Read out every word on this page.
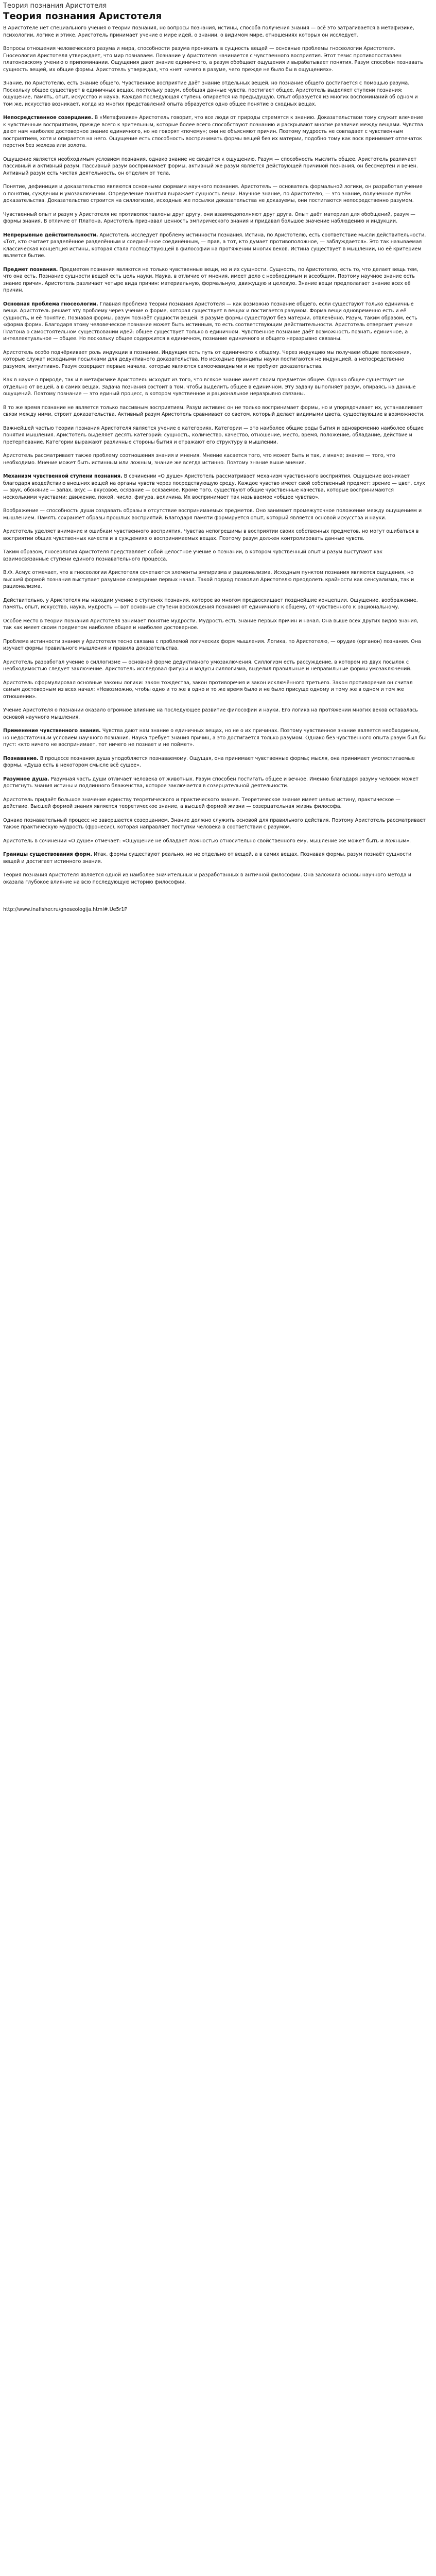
Теория познания Аристотеля
Теория познания Аристотеля

В Аристотеле нет специального учения о теории познания, но вопросы познания, истины, способа получения знания — всё это затрагивается в метафизике, психологии, логике и этике. Аристотель принимает учение о мире идей, о знании, о видимом мире, отношениях которых он исследует.

Вопросы отношения человеческого разума и мира, способности разума проникать в сущность вещей — основные проблемы гносеологии Аристотеля. Гносеология Аристотеля утверждает, что мир познаваем. Познание у Аристотеля начинается с чувственного восприятия. Этот тезис противопоставлен платоновскому учению о припоминании. Ощущения дают знание единичного, а разум обобщает ощущения и вырабатывает понятия. Разум способен познавать сущность вещей, их общие формы. Аристотель утверждал, что «нет ничего в разуме, чего прежде не было бы в ощущениях».

Знание, по Аристотелю, есть знание общего. Чувственное восприятие даёт знание отдельных вещей, но познание общего достигается с помощью разума. Поскольку общее существует в единичных вещах, постольку разум, обобщая данные чувств, постигает общее. Аристотель выделяет ступени познания: ощущение, память, опыт, искусство и наука. Каждая последующая ступень опирается на предыдущую. Опыт образуется из многих воспоминаний об одном и том же, искусство возникает, когда из многих представлений опыта образуется одно общее понятие о сходных вещах.

Непосредственное созерцание. В «Метафизике» Аристотель говорит, что все люди от природы стремятся к знанию. Доказательством тому служит влечение к чувственным восприятиям, прежде всего к зрительным, которые более всего способствуют познанию и раскрывают многие различия между вещами. Чувства дают нам наиболее достоверное знание единичного, но не говорят «почему»; они не объясняют причин. Поэтому мудрость не совпадает с чувственным восприятием, хотя и опирается на него. Ощущение есть способность воспринимать формы вещей без их материи, подобно тому как воск принимает отпечаток перстня без железа или золота.

Ощущение является необходимым условием познания, однако знание не сводится к ощущению. Разум — способность мыслить общее. Аристотель различает пассивный и активный разум. Пассивный разум воспринимает формы, активный же разум является действующей причиной познания, он бессмертен и вечен. Активный разум есть чистая деятельность, он отделим от тела.

Понятие, дефиниция и доказательство являются основными формами научного познания. Аристотель — основатель формальной логики, он разработал учение о понятии, суждении и умозаключении. Определение понятия выражает сущность вещи. Научное знание, по Аристотелю, — это знание, полученное путём доказательства. Доказательство строится на силлогизме, исходные же посылки доказательства не доказуемы, они постигаются непосредственно разумом.

Чувственный опыт и разум у Аристотеля не противопоставлены друг другу, они взаимодополняют друг друга. Опыт даёт материал для обобщений, разум — формы знания. В отличие от Платона, Аристотель признавал ценность эмпирического знания и придавал большое значение наблюдению и индукции.

Непрерывные действительности. Аристотель исследует проблему истинности познания. Истина, по Аристотелю, есть соответствие мысли действительности. «Тот, кто считает разделённое разделённым и соединённое соединённым, — прав, а тот, кто думает противоположное, — заблуждается». Это так называемая классическая концепция истины, которая стала господствующей в философии на протяжении многих веков. Истина существует в мышлении, но её критерием является бытие.

Предмет познания. Предметом познания являются не только чувственные вещи, но и их сущности. Сущность, по Аристотелю, есть то, что делает вещь тем, что она есть. Познание сущности вещей есть цель науки. Наука, в отличие от мнения, имеет дело с необходимым и всеобщим. Поэтому научное знание есть знание причин. Аристотель различает четыре вида причин: материальную, формальную, движущую и целевую. Знание вещи предполагает знание всех её причин.

Основная проблема гносеологии. Главная проблема теории познания Аристотеля — как возможно познание общего, если существуют только единичные вещи. Аристотель решает эту проблему через учение о форме, которая существует в вещах и постигается разумом. Форма вещи одновременно есть и её сущность, и её понятие. Познавая формы, разум познаёт сущности вещей. В разуме формы существуют без материи, отвлечённо. Разум, таким образом, есть «форма форм». Благодаря этому человеческое познание может быть истинным, то есть соответствующим действительности. Аристотель отвергает учение Платона о самостоятельном существовании идей: общее существует только в единичном. Чувственное познание даёт возможность познать единичное, а интеллектуальное — общее. Но поскольку общее содержится в единичном, познание единичного и общего неразрывно связаны.

Аристотель особо подчёркивает роль индукции в познании. Индукция есть путь от единичного к общему. Через индукцию мы получаем общие положения, которые служат исходными посылками для дедуктивного доказательства. Но исходные принципы науки постигаются не индукцией, а непосредственно разумом, интуитивно. Разум созерцает первые начала, которые являются самоочевидными и не требуют доказательства.

Как в науке о природе, так и в метафизике Аристотель исходит из того, что всякое знание имеет своим предметом общее. Однако общее существует не отдельно от вещей, а в самих вещах. Задача познания состоит в том, чтобы выделить общее в единичном. Эту задачу выполняет разум, опираясь на данные ощущений. Поэтому познание — это единый процесс, в котором чувственное и рациональное неразрывно связаны.

В то же время познание не является только пассивным восприятием. Разум активен: он не только воспринимает формы, но и упорядочивает их, устанавливает связи между ними, строит доказательства. Активный разум Аристотель сравнивает со светом, который делает видимыми цвета, существующие в возможности.

Важнейшей частью теории познания Аристотеля является учение о категориях. Категории — это наиболее общие роды бытия и одновременно наиболее общие понятия мышления. Аристотель выделяет десять категорий: сущность, количество, качество, отношение, место, время, положение, обладание, действие и претерпевание. Категории выражают различные стороны бытия и отражают его структуру в мышлении.

Аристотель рассматривает также проблему соотношения знания и мнения. Мнение касается того, что может быть и так, и иначе; знание — того, что необходимо. Мнение может быть истинным или ложным, знание же всегда истинно. Поэтому знание выше мнения.

Механизм чувственной ступени познания. В сочинении «О душе» Аристотель рассматривает механизм чувственного восприятия. Ощущение возникает благодаря воздействию внешних вещей на органы чувств через посредствующую среду. Каждое чувство имеет свой собственный предмет: зрение — цвет, слух — звук, обоняние — запах, вкус — вкусовое, осязание — осязаемое. Кроме того, существуют общие чувственные качества, которые воспринимаются несколькими чувствами: движение, покой, число, фигура, величина. Их воспринимает так называемое «общее чувство».

Воображение — способность души создавать образы в отсутствие воспринимаемых предметов. Оно занимает промежуточное положение между ощущением и мышлением. Память сохраняет образы прошлых восприятий. Благодаря памяти формируется опыт, который является основой искусства и науки.

Аристотель уделяет внимание и ошибкам чувственного восприятия. Чувства непогрешимы в восприятии своих собственных предметов, но могут ошибаться в восприятии общих чувственных качеств и в суждениях о воспринимаемых вещах. Поэтому разум должен контролировать данные чувств.

Таким образом, гносеология Аристотеля представляет собой целостное учение о познании, в котором чувственный опыт и разум выступают как взаимосвязанные ступени единого познавательного процесса.

В.Ф. Асмус отмечает, что в гносеологии Аристотеля сочетаются элементы эмпиризма и рационализма. Исходным пунктом познания являются ощущения, но высшей формой познания выступает разумное созерцание первых начал. Такой подход позволил Аристотелю преодолеть крайности как сенсуализма, так и рационализма.

Действительно, у Аристотеля мы находим учение о ступенях познания, которое во многом предвосхищает позднейшие концепции. Ощущение, воображение, память, опыт, искусство, наука, мудрость — вот основные ступени восхождения познания от единичного к общему, от чувственного к рациональному.

Особое место в теории познания Аристотеля занимает понятие мудрости. Мудрость есть знание первых причин и начал. Она выше всех других видов знания, так как имеет своим предметом наиболее общее и наиболее достоверное.

Проблема истинности знания у Аристотеля тесно связана с проблемой логических форм мышления. Логика, по Аристотелю, — орудие (органон) познания. Она изучает формы правильного мышления и правила доказательства.

Аристотель разработал учение о силлогизме — основной форме дедуктивного умозаключения. Силлогизм есть рассуждение, в котором из двух посылок с необходимостью следует заключение. Аристотель исследовал фигуры и модусы силлогизма, выделил правильные и неправильные формы умозаключений.

Аристотель сформулировал основные законы логики: закон тождества, закон противоречия и закон исключённого третьего. Закон противоречия он считал самым достоверным из всех начал: «Невозможно, чтобы одно и то же в одно и то же время было и не было присуще одному и тому же в одном и том же отношении».

Учение Аристотеля о познании оказало огромное влияние на последующее развитие философии и науки. Его логика на протяжении многих веков оставалась основой научного мышления.

Применение чувственного знания. Чувства дают нам знание о единичных вещах, но не о их причинах. Поэтому чувственное знание является необходимым, но недостаточным условием научного познания. Наука требует знания причин, а это достигается только разумом. Однако без чувственного опыта разум был бы пуст: «кто ничего не воспринимает, тот ничего не познает и не поймет».

Познавание. В процессе познания душа уподобляется познаваемому. Ощущая, она принимает чувственные формы; мысля, она принимает умопостигаемые формы. «Душа есть в некотором смысле всё сущее».

Разумное душа. Разумная часть души отличает человека от животных. Разум способен постигать общее и вечное. Именно благодаря разуму человек может достигнуть знания истины и подлинного блаженства, которое заключается в созерцательной деятельности.

Аристотель придаёт большое значение единству теоретического и практического знания. Теоретическое знание имеет целью истину, практическое — действие. Высшей формой знания является теоретическое знание, а высшей формой жизни — созерцательная жизнь философа.

Однако познавательный процесс не завершается созерцанием. Знание должно служить основой для правильного действия. Поэтому Аристотель рассматривает также практическую мудрость (фронесис), которая направляет поступки человека в соответствии с разумом.

Аристотель в сочинении «О душе» отмечает: «Ощущение не обладает ложностью относительно свойственного ему, мышление же может быть и ложным».

Границы существования форм. Итак, формы существуют реально, но не отдельно от вещей, а в самих вещах. Познавая формы, разум познаёт сущности вещей и достигает истинного знания.

Теория познания Аристотеля является одной из наиболее значительных и разработанных в античной философии. Она заложила основы научного метода и оказала глубокое влияние на всю последующую историю философии.

http://www.inafisher.ru/gnoseologija.html#.Ue5r1P
